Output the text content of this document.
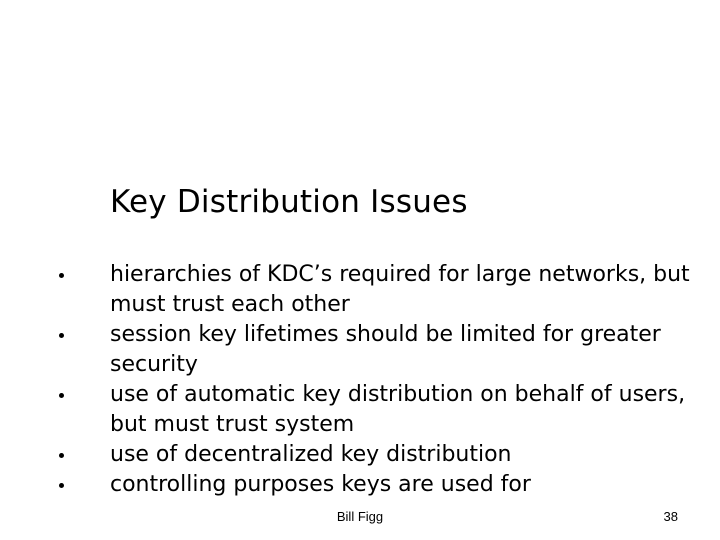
Key Distribution Issues

hierarchies of KDC’s required for large networks, but must trust each other

session key lifetimes should be limited for greater security

use of automatic key distribution on behalf of users, but must trust system

use of decentralized key distribution

controlling purposes keys are used for

Bill Figg	38
